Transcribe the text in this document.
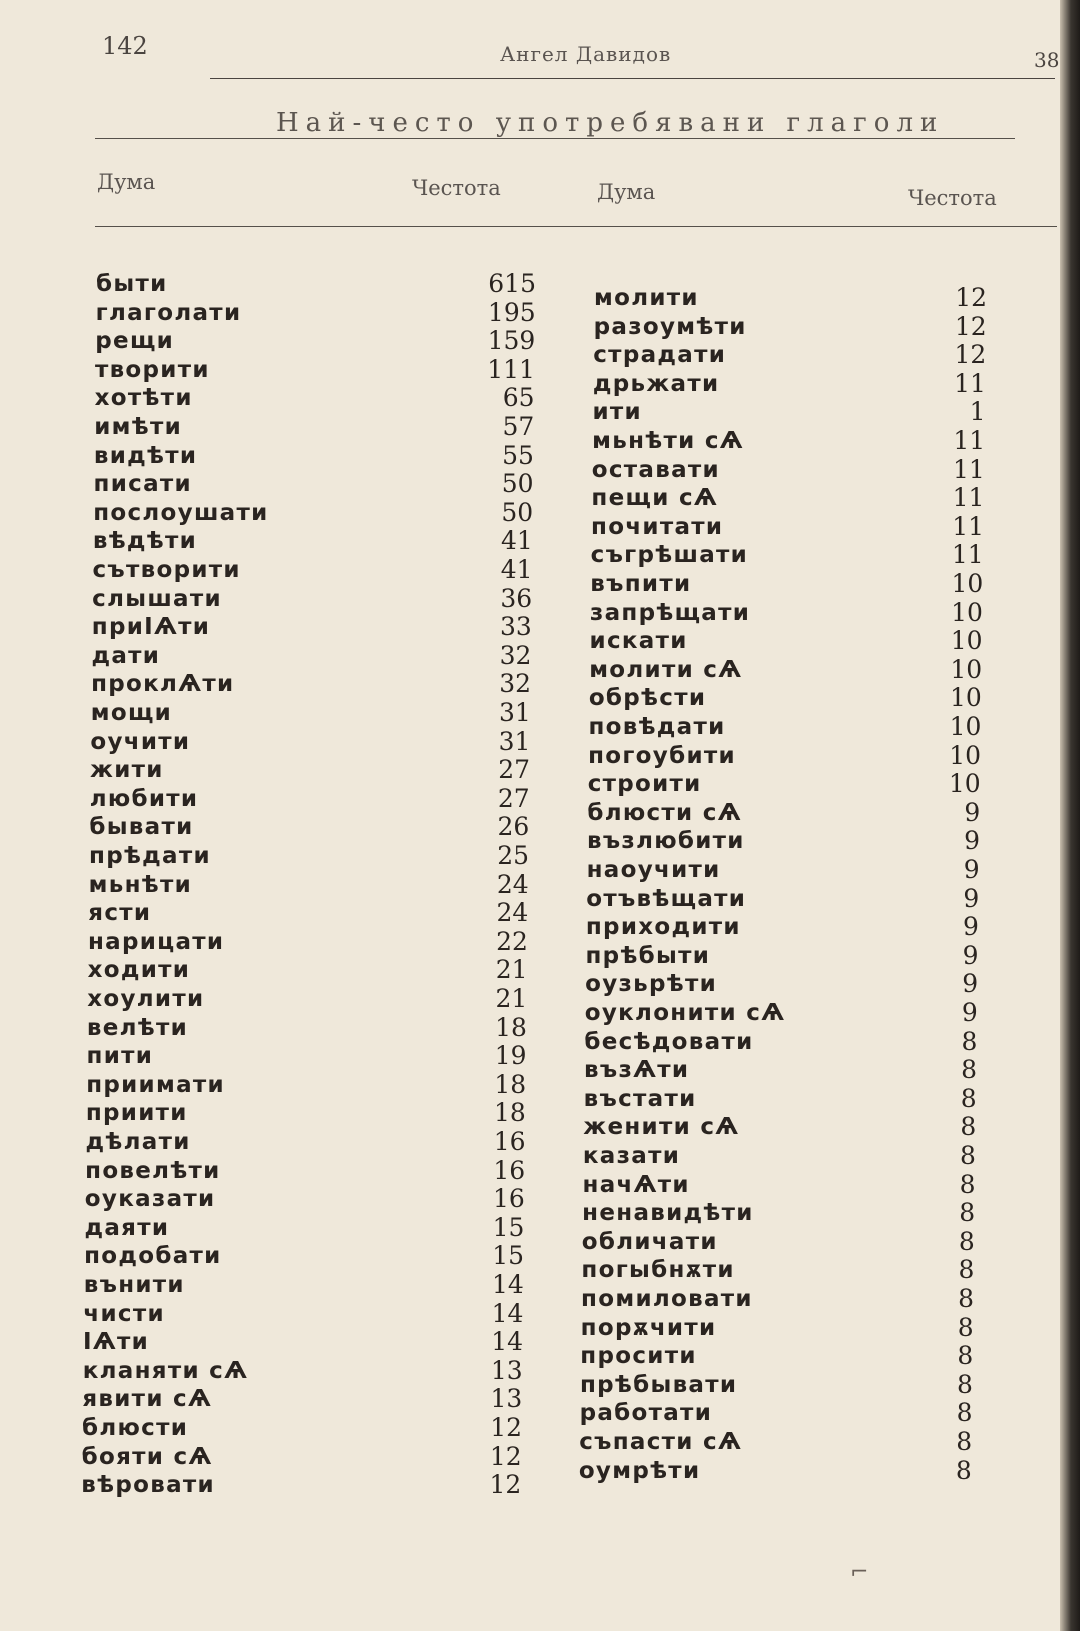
142	Ангел Давидов	38
Най-често употребявани глаголи
Дума	Честота	Дума	Честота
быти	615
глаголати	195
рещи	159
творити	111
хотѣти	65
имѣти	57
видѣти	55
писати	50
послоушати	50
вѣдѣти	41
сътворити	41
слышати	36
приІѦти	33
дати	32
проклѦти	32
мощи	31
оучити	31
жити	27
любити	27
бывати	26
прѣдати	25
мьнѣти	24
ясти	24
нарицати	22
ходити	21
хоулити	21
велѣти	18
пити	19
приимати	18
приити	18
дѣлати	16
повелѣти	16
оуказати	16
даяти	15
подобати	15
вънити	14
чисти	14
ІѦти	14
кланяти сѦ	13
явити сѦ	13
блюсти	12
бояти сѦ	12
вѣровати	12
молити	12
разоумѣти	12
страдати	12
дрьжати	11
ити	1
мьнѣти сѦ	11
оставати	11
пещи сѦ	11
почитати	11
съгрѣшати	11
въпити	10
запрѣщати	10
искати	10
молити сѦ	10
обрѣсти	10
повѣдати	10
погоубити	10
строити	10
блюсти сѦ	9
възлюбити	9
наоучити	9
отъвѣщати	9
приходити	9
прѣбыти	9
оузьрѣти	9
оуклонити сѦ	9
бесѣдовати	8
възѦти	8
въстати	8
женити сѦ	8
казати	8
начѦти	8
ненавидѣти	8
обличати	8
погыбнѫти	8
помиловати	8
порѫчити	8
просити	8
прѣбывати	8
работати	8
съпасти сѦ	8
оумрѣти	8
⌐
